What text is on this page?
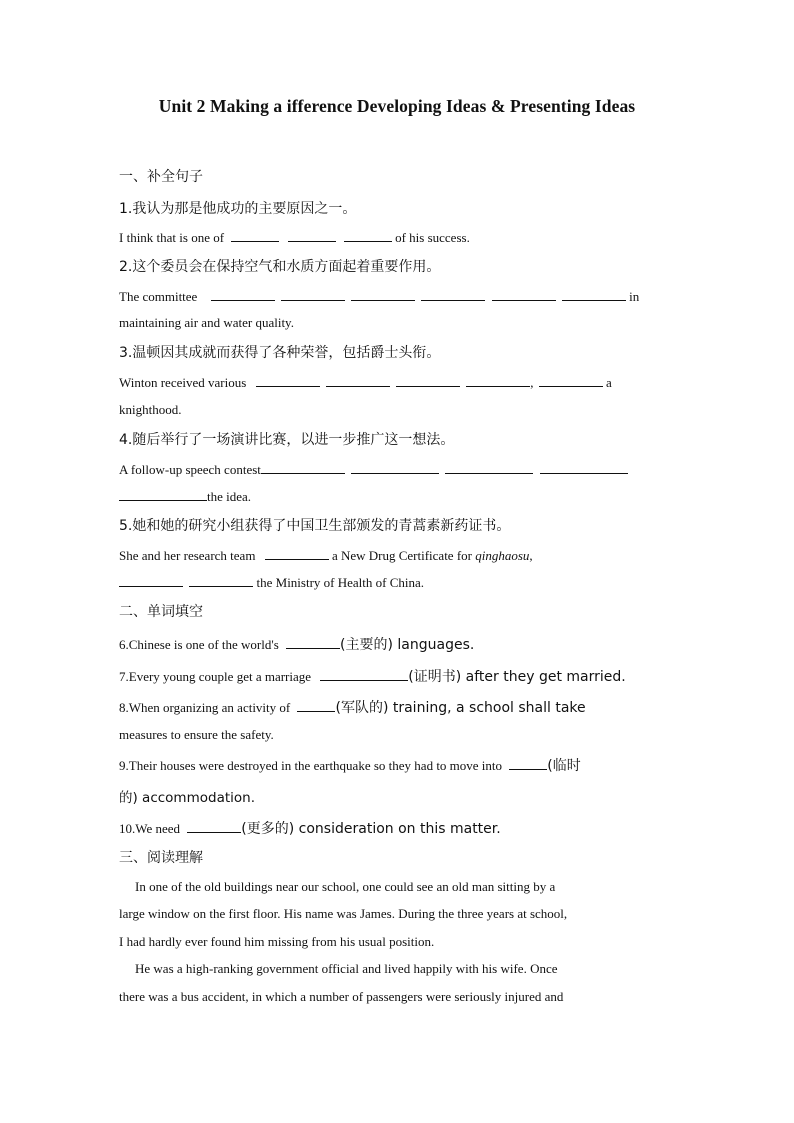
Unit 2 Making a ifference Developing Ideas & Presenting Ideas
一、补全句子
1.我认为那是他成功的主要原因之一。
I think that is one of	of his success.
2.这个委员会在保持空气和水质方面起着重要作用。
The committee	in
maintaining air and water quality.
3.温顿因其成就而获得了各种荣誉，包括爵士头衔。
Winton received various	,	a
knighthood.
4.随后举行了一场演讲比赛，以进一步推广这一想法。
A follow-up speech contest
the idea.
5.她和她的研究小组获得了中国卫生部颁发的青蒿素新药证书。
She and her research team	a New Drug Certificate for qinghaosu,
the Ministry of Health of China.
二、单词填空
6.Chinese is one of the world's	(主要的) languages.
7.Every young couple get a marriage	(证明书) after they get married.
8.When organizing an activity of	(军队的) training, a school shall take
measures to ensure the safety.
9.Their houses were destroyed in the earthquake so they had to move into	(临时
的) accommodation.
10.We need	(更多的) consideration on this matter.
三、阅读理解
In one of the old buildings near our school, one could see an old man sitting by a
large window on the first floor. His name was James. During the three years at school,
I had hardly ever found him missing from his usual position.
He was a high-ranking government official and lived happily with his wife. Once
there was a bus accident, in which a number of passengers were seriously injured and
